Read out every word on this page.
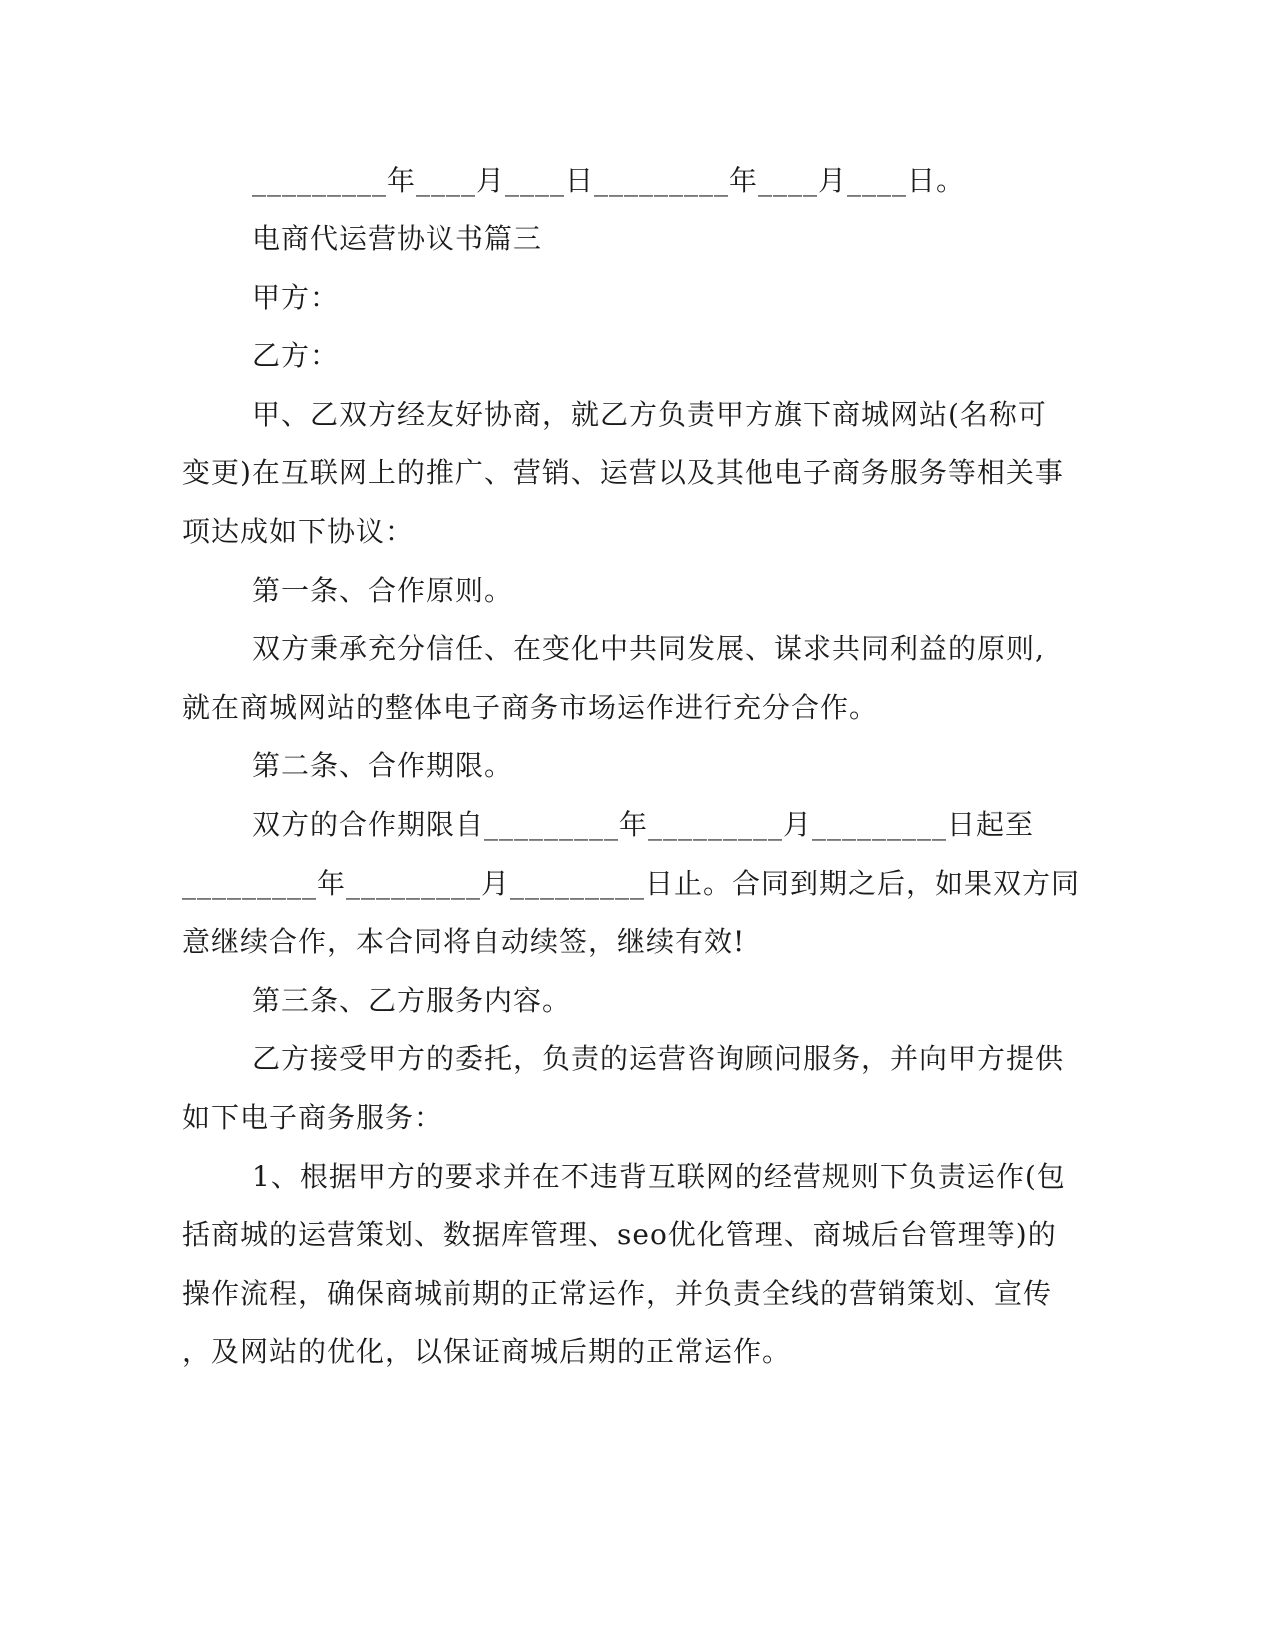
_________年____月____日_________年____月____日。
电商代运营协议书篇三
甲方：
乙方：
甲、乙双方经友好协商，就乙方负责甲方旗下商城网站(名称可
变更)在互联网上的推广、营销、运营以及其他电子商务服务等相关事
项达成如下协议：
第一条、合作原则。
双方秉承充分信任、在变化中共同发展、谋求共同利益的原则,
就在商城网站的整体电子商务市场运作进行充分合作。
第二条、合作期限。
双方的合作期限自_________年_________月_________日起至
_________年_________月_________日止。合同到期之后，如果双方同
意继续合作，本合同将自动续签，继续有效!
第三条、乙方服务内容。
乙方接受甲方的委托，负责的运营咨询顾问服务，并向甲方提供
如下电子商务服务：
1、根据甲方的要求并在不违背互联网的经营规则下负责运作(包
括商城的运营策划、数据库管理、seo优化管理、商城后台管理等)的
操作流程，确保商城前期的正常运作，并负责全线的营销策划、宣传
，及网站的优化，以保证商城后期的正常运作。
